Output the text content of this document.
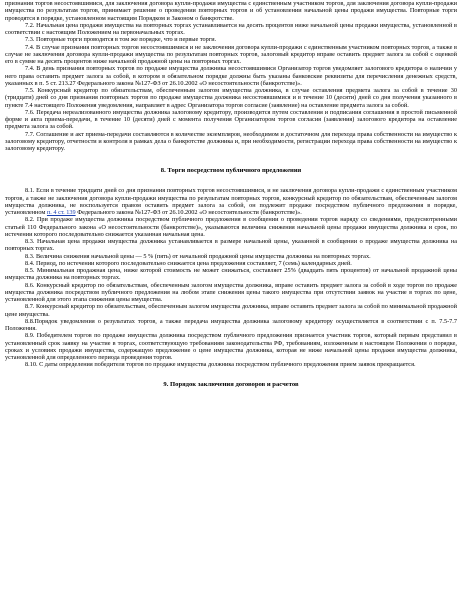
признании торгов несостоявшимися, для заключения договора купли-продажи имущества с единственным участником торгов, для заключения договора купли-продажи имущества по результатам торгов, принимает решение о проведении повторных торгов и об установлении начальной цены продажи имущества. Повторные торги проводятся в порядке, установленном настоящим Порядком и Законом о банкротстве.

7.2. Начальная цена продажи имущества на повторных торгах устанавливается на десять процентов ниже начальной цены продажи имущества, установленной в соответствии с настоящим Положением на первоначальных торгах.

7.3. Повторные торги проводятся в том же порядке, что и первые торги.

7.4. В случае признания повторных торгов несостоявшимися и не заключения договора купли-продажи с единственным участником повторных торгов, а также в случае не заключения договора купли-продажи имущества по результатам повторных торгов, залоговый кредитор вправе оставить предмет залога за собой с оценкой его в сумме на десять процентов ниже начальной продажной цены на повторных торгах.

7.4. В день признания повторных торгов по продаже имущества должника несостоявшимися Организатор торгов уведомляет залогового кредитора о наличии у него права оставить предмет залога за собой, в котором в обязательном порядке должны быть указаны банковские реквизиты для перечисления денежных средств, указанных в п. 5 ст. 213.27 Федерального закона №127-ФЗ от 26.10.2002 «О несостоятельности (банкротстве)».

7.5. Конкурсный кредитор по обязательствам, обеспеченным залогом имущества должника, в случае оставления предмета залога за собой в течение 30 (тридцати) дней со дня признания повторных торгов по продаже имущества должника несостоявшимися и в течение 10 (десяти) дней со дня получения указанного в пункте 7.4 настоящего Положения уведомления, направляет в адрес Организатора торгов согласие (заявление) на оставление предмета залога за собой.

7.6. Передача нереализованного имущества должника залоговому кредитору, производится путем составления и подписания соглашения в простой письменной форме и акта приема-передачи, в течение 10 (десяти) дней с момента получения Организатором торгов согласия (заявления) залогового кредитора на оставление предмета залога за собой.

7.7. Соглашение и акт приема-передачи составляются в количестве экземпляров, необходимом и достаточном для перехода права собственности на имущество к залоговому кредитору, отчетности и контроля в рамках дела о банкротстве должника и, при необходимости, регистрации перехода права собственности на имущество к залоговому кредитору.

8. Торги посредством публичного предложения

8.1. Если в течение тридцати дней со дня признания повторных торгов несостоявшимися, и не заключения договора купли-продажи с единственным участником торгов, а также не заключения договора купли-продажи имущества по результатам повторных торгов, конкурсный кредитор по обязательствам, обеспеченным залогом имущества должника, не воспользуется правом оставить предмет залога за собой, он подлежит продаже посредством публичного предложения в порядке, установленном п. 4 ст. 139 Федерального закона №127-ФЗ от 26.10.2002 «О несостоятельности (банкротстве)».

8.2. При продаже имущества должника посредством публичного предложения в сообщении о проведении торгов наряду со сведениями, предусмотренными статьей 110 Федерального закона «О несостоятельности (банкротстве)», указываются величина снижения начальной цены продажи имущества должника и срок, по истечении которого последовательно снижается указанная начальная цена.

8.3. Начальная цена продажи имущества должника устанавливается в размере начальной цены, указанной в сообщении о продаже имущества должника на повторных торгах.

8.3. Величина снижения начальной цены — 5 % (пять) от начальной продажной цены имущества должника на повторных торгах.

8.4. Период, по истечении которого последовательно снижается цена предложения составляет, 7 (семь) календарных дней.

8.5. Минимальная продажная цена, ниже которой стоимость не может снижаться, составляет 25% (двадцать пять процентов) от начальной продажной цены имущества должника на повторных торгах.

8.6. Конкурсный кредитор по обязательствам, обеспеченным залогом имущества должника, вправе оставить предмет залога за собой в ходе торгов по продаже имущества должника посредством публичного предложения на любом этапе снижения цены такого имущества при отсутствии заявок на участие в торгах по цене, установленной для этого этапа снижения цены имущества.

8.7. Конкурсный кредитор по обязательствам, обеспеченным залогом имущества должника, вправе оставить предмет залога за собой по минимальной продажной цене имущества.

8.8.Порядок уведомления о результатах торгов, а также передача имущества должника залоговому кредитору осуществляется в соответствии с п. 7.5-7.7 Положения.

8.9. Победителем торгов по продаже имущества должника посредством публичного предложения признается участник торгов, который первым представил в установленный срок заявку на участие в торгах, соответствующую требованиям законодательства РФ, требованиям, изложенным в настоящем Положении о порядке, сроках и условиях продажи имущества, содержащую предложение о цене имущества должника, которая не ниже начальной цены продажи имущества должника, установленной для определенного периода проведения торгов.

8.10. С даты определения победителя торгов по продаже имущества должника посредством публичного предложения прием заявок прекращается.

9. Порядок заключения договоров и расчетов
